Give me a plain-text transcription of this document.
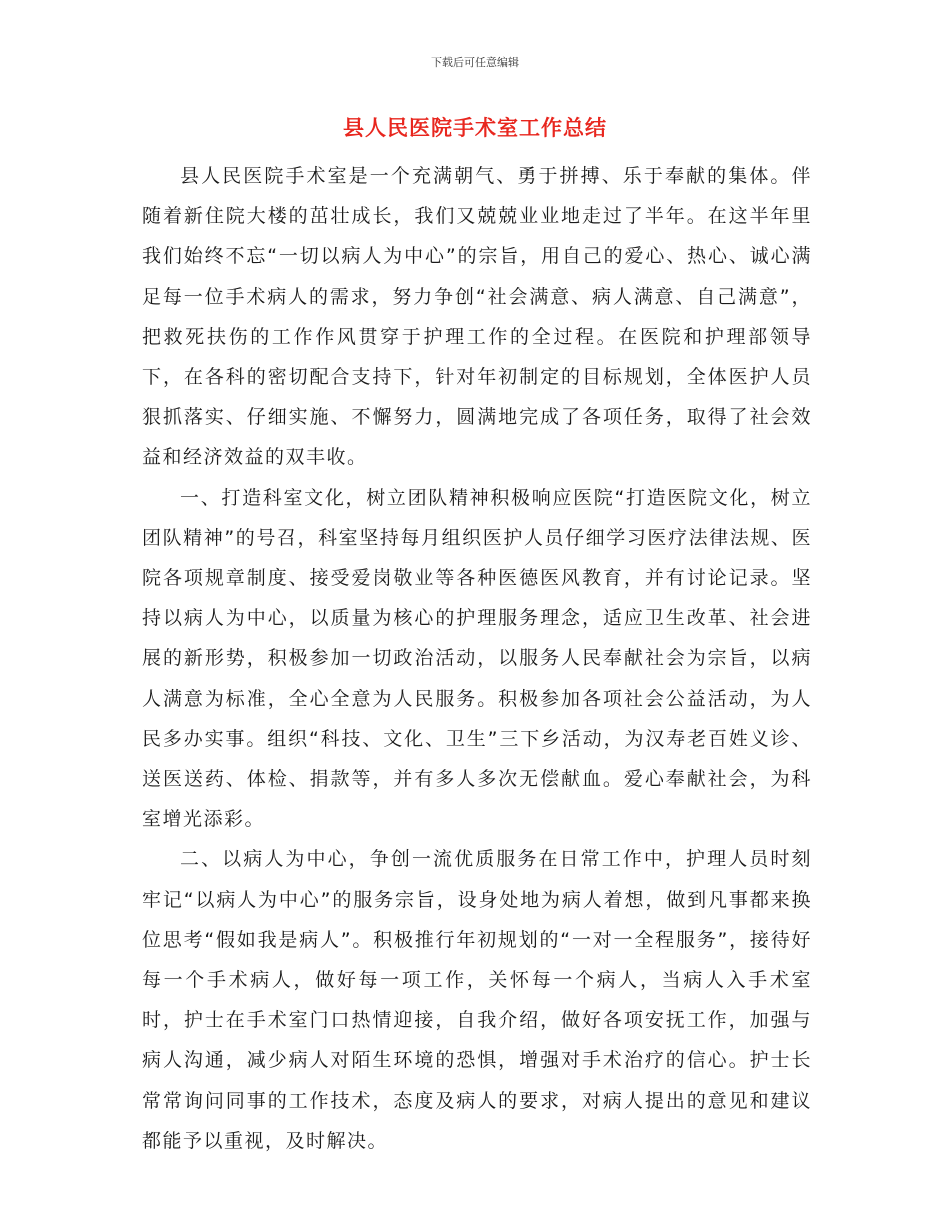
下载后可任意编辑
县人民医院手术室工作总结

县人民医院手术室是一个充满朝气、勇于拼搏、乐于奉献的集体。伴随着新住院大楼的茁壮成长，我们又兢兢业业地走过了半年。在这半年里我们始终不忘“一切以病人为中心”的宗旨，用自己的爱心、热心、诚心满足每一位手术病人的需求，努力争创“社会满意、病人满意、自己满意”，把救死扶伤的工作作风贯穿于护理工作的全过程。在医院和护理部领导下，在各科的密切配合支持下，针对年初制定的目标规划，全体医护人员狠抓落实、仔细实施、不懈努力，圆满地完成了各项任务，取得了社会效益和经济效益的双丰收。

一、打造科室文化，树立团队精神积极响应医院“打造医院文化，树立团队精神”的号召，科室坚持每月组织医护人员仔细学习医疗法律法规、医院各项规章制度、接受爱岗敬业等各种医德医风教育，并有讨论记录。坚持以病人为中心，以质量为核心的护理服务理念，适应卫生改革、社会进展的新形势，积极参加一切政治活动，以服务人民奉献社会为宗旨，以病人满意为标准，全心全意为人民服务。积极参加各项社会公益活动，为人民多办实事。组织“科技、文化、卫生”三下乡活动，为汉寿老百姓义诊、送医送药、体检、捐款等，并有多人多次无偿献血。爱心奉献社会，为科室增光添彩。

二、以病人为中心，争创一流优质服务在日常工作中，护理人员时刻牢记“以病人为中心”的服务宗旨，设身处地为病人着想，做到凡事都来换位思考“假如我是病人”。积极推行年初规划的“一对一全程服务”，接待好每一个手术病人，做好每一项工作，关怀每一个病人，当病人入手术室时，护士在手术室门口热情迎接，自我介绍，做好各项安抚工作，加强与病人沟通，减少病人对陌生环境的恐惧，增强对手术治疗的信心。护士长常常询问同事的工作技术，态度及病人的要求，对病人提出的意见和建议都能予以重视，及时解决。
